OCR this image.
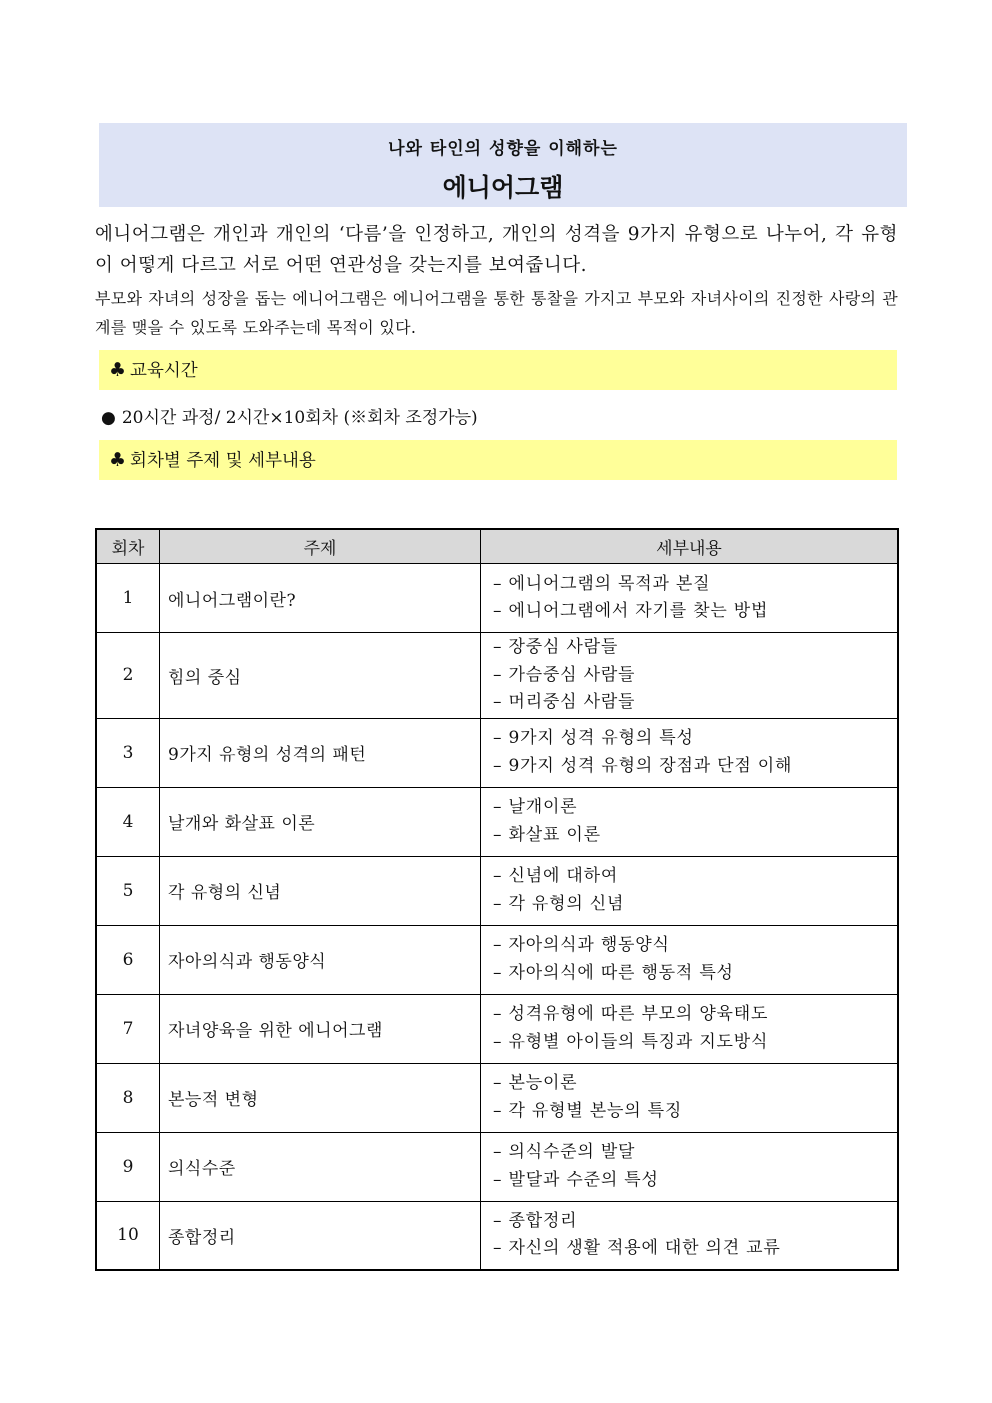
나와 타인의 성향을 이해하는
에니어그램
에니어그램은 개인과 개인의 ‘다름’을 인정하고, 개인의 성격을 9가지 유형으로 나누어, 각 유형이 어떻게 다르고 서로 어떤 연관성을 갖는지를 보여줍니다.
부모와 자녀의 성장을 돕는 에니어그램은 에니어그램을 통한 통찰을 가지고 부모와 자녀사이의 진정한 사랑의 관계를 맺을 수 있도록 도와주는데 목적이 있다.
♣ 교육시간
● 20시간 과정/ 2시간×10회차 (※회차 조정가능)
♣ 회차별 주제 및 세부내용
회차	주제	세부내용
1	에니어그램이란?	– 에니어그램의 목적과 본질
– 에니어그램에서 자기를 찾는 방법

2	힘의 중심	– 장중심 사람들
– 가슴중심 사람들
– 머리중심 사람들

3	9가지 유형의 성격의 패턴	– 9가지 성격 유형의 특성
– 9가지 성격 유형의 장점과 단점 이해

4	날개와 화살표 이론	– 날개이론
– 화살표 이론

5	각 유형의 신념	– 신념에 대하여
– 각 유형의 신념

6	자아의식과 행동양식	– 자아의식과 행동양식
– 자아의식에 따른 행동적 특성

7	자녀양육을 위한 에니어그램	– 성격유형에 따른 부모의 양육태도
– 유형별 아이들의 특징과 지도방식

8	본능적 변형	– 본능이론
– 각 유형별 본능의 특징

9	의식수준	– 의식수준의 발달
– 발달과 수준의 특성

10	종합정리	– 종합정리
– 자신의 생활 적용에 대한 의견 교류
